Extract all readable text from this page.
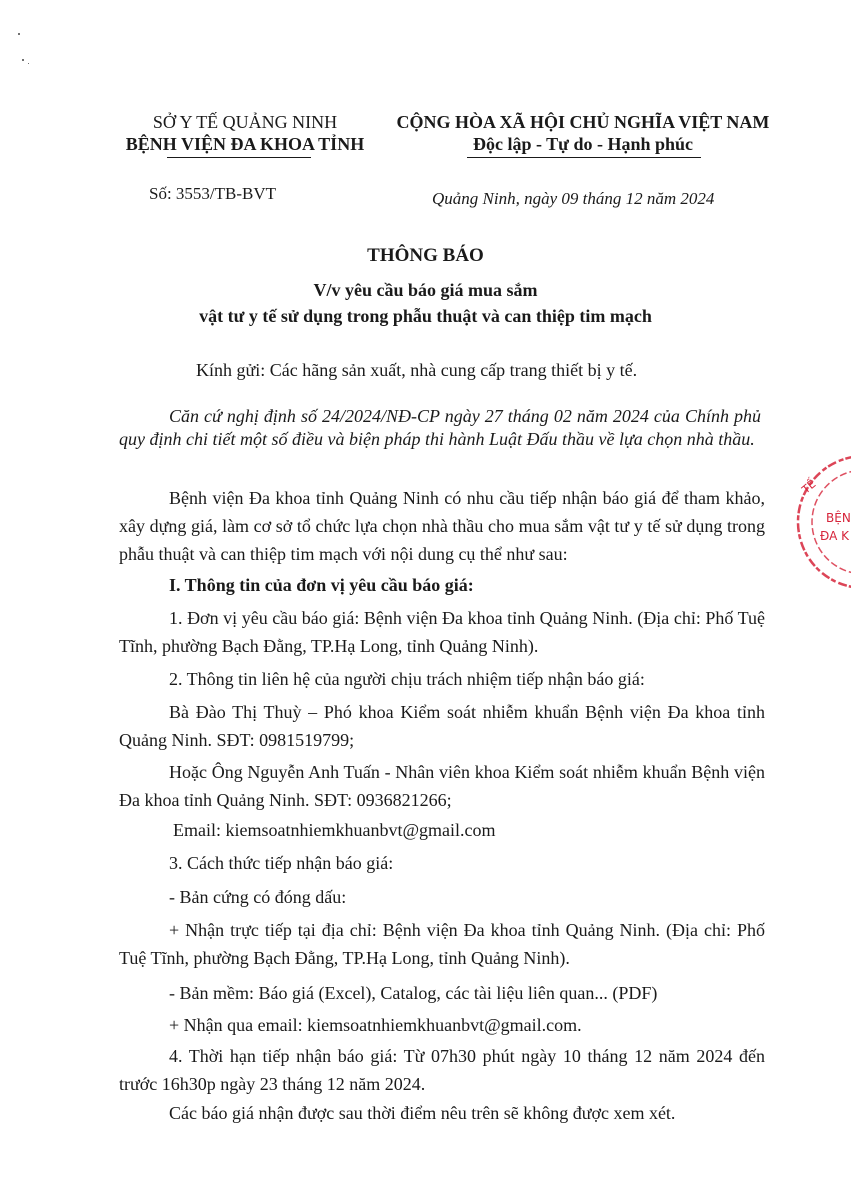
SỞ Y TẾ QUẢNG NINH
BỆNH VIỆN ĐA KHOA TỈNH
CỘNG HÒA XÃ HỘI CHỦ NGHĨA VIỆT NAM
Độc lập - Tự do - Hạnh phúc
Số: 3553/TB-BVT	Quảng Ninh, ngày 09 tháng 12 năm 2024
THÔNG BÁO
V/v yêu cầu báo giá mua sắm
vật tư y tế sử dụng trong phẫu thuật và can thiệp tim mạch
Kính gửi: Các hãng sản xuất, nhà cung cấp trang thiết bị y tế.
Căn cứ nghị định số 24/2024/NĐ-CP ngày 27 tháng 02 năm 2024 của Chính phủ quy định chi tiết một số điều và biện pháp thi hành Luật Đấu thầu về lựa chọn nhà thầu.
Bệnh viện Đa khoa tỉnh Quảng Ninh có nhu cầu tiếp nhận báo giá để tham khảo, xây dựng giá, làm cơ sở tổ chức lựa chọn nhà thầu cho mua sắm vật tư y tế sử dụng trong phẫu thuật và can thiệp tim mạch với nội dung cụ thể như sau:
I. Thông tin của đơn vị yêu cầu báo giá:
1. Đơn vị yêu cầu báo giá: Bệnh viện Đa khoa tỉnh Quảng Ninh. (Địa chỉ: Phố Tuệ Tĩnh, phường Bạch Đằng, TP.Hạ Long, tỉnh Quảng Ninh).
2. Thông tin liên hệ của người chịu trách nhiệm tiếp nhận báo giá:
Bà Đào Thị Thuỳ – Phó khoa Kiểm soát nhiễm khuẩn Bệnh viện Đa khoa tỉnh Quảng Ninh. SĐT: 0981519799;
Hoặc Ông Nguyễn Anh Tuấn - Nhân viên khoa Kiểm soát nhiễm khuẩn Bệnh viện Đa khoa tỉnh Quảng Ninh. SĐT: 0936821266;
Email: kiemsoatnhiemkhuanbvt@gmail.com
3. Cách thức tiếp nhận báo giá:
- Bản cứng có đóng dấu:
+ Nhận trực tiếp tại địa chỉ: Bệnh viện Đa khoa tỉnh Quảng Ninh. (Địa chỉ: Phố Tuệ Tĩnh, phường Bạch Đằng, TP.Hạ Long, tỉnh Quảng Ninh).
- Bản mềm: Báo giá (Excel), Catalog, các tài liệu liên quan... (PDF)
+ Nhận qua email: kiemsoatnhiemkhuanbvt@gmail.com.
4. Thời hạn tiếp nhận báo giá: Từ 07h30 phút ngày 10 tháng 12 năm 2024 đến trước 16h30p ngày 23 tháng 12 năm 2024.
Các báo giá nhận được sau thời điểm nêu trên sẽ không được xem xét.
TẾ
BỆN
ĐA K
